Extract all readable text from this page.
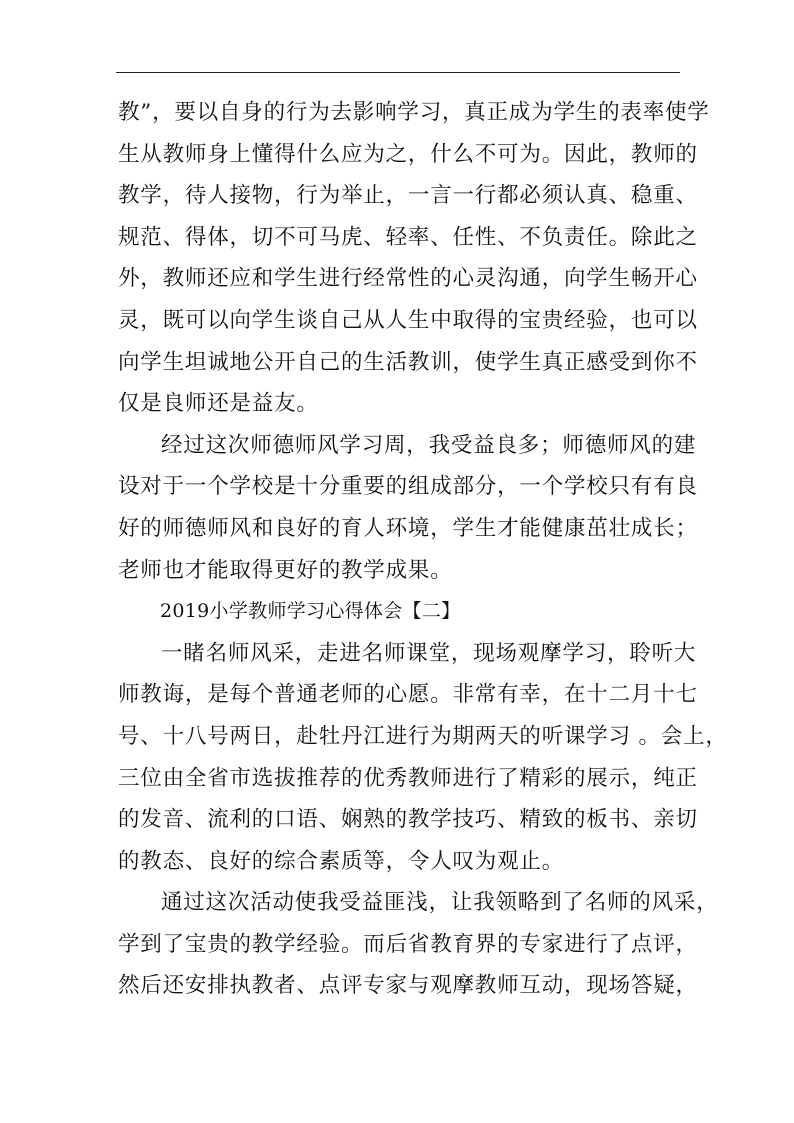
教”，要以自身的行为去影响学习，真正成为学生的表率使学
生从教师身上懂得什么应为之，什么不可为。因此，教师的
教学，待人接物，行为举止，一言一行都必须认真、稳重、
规范、得体，切不可马虎、轻率、任性、不负责任。除此之
外，教师还应和学生进行经常性的心灵沟通，向学生畅开心
灵，既可以向学生谈自己从人生中取得的宝贵经验，也可以
向学生坦诚地公开自己的生活教训，使学生真正感受到你不
仅是良师还是益友。
经过这次师德师风学习周，我受益良多；师德师风的建
设对于一个学校是十分重要的组成部分，一个学校只有有良
好的师德师风和良好的育人环境，学生才能健康茁壮成长；
老师也才能取得更好的教学成果。
2019小学教师学习心得体会【二】
一睹名师风采，走进名师课堂，现场观摩学习，聆听大
师教诲，是每个普通老师的心愿。非常有幸，在十二月十七
号、十八号两日，赴牡丹江进行为期两天的听课学习 。会上，
三位由全省市选拔推荐的优秀教师进行了精彩的展示，纯正
的发音、流利的口语、娴熟的教学技巧、精致的板书、亲切
的教态、良好的综合素质等，令人叹为观止。
通过这次活动使我受益匪浅，让我领略到了名师的风采，
学到了宝贵的教学经验。而后省教育界的专家进行了点评，
然后还安排执教者、点评专家与观摩教师互动，现场答疑，
